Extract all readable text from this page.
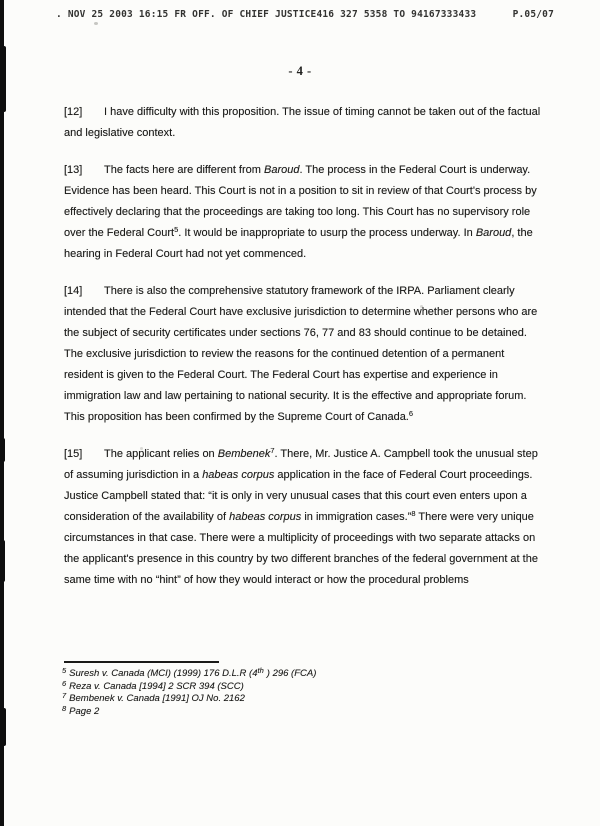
. NOV 25 2003 16:15 FR OFF. OF CHIEF JUSTICE416 327 5358 TO 94167333433	P.05/07
- 4 -
[12] I have difficulty with this proposition. The issue of timing cannot be taken out of the factual and legislative context.
[13] The facts here are different from Baroud. The process in the Federal Court is underway. Evidence has been heard. This Court is not in a position to sit in review of that Court's process by effectively declaring that the proceedings are taking too long. This Court has no supervisory role over the Federal Court$^5$. It would be inappropriate to usurp the process underway. In Baroud, the hearing in Federal Court had not yet commenced.
[14] There is also the comprehensive statutory framework of the IRPA. Parliament clearly intended that the Federal Court have exclusive jurisdiction to determine whether persons who are the subject of security certificates under sections 76, 77 and 83 should continue to be detained. The exclusive jurisdiction to review the reasons for the continued detention of a permanent resident is given to the Federal Court. The Federal Court has expertise and experience in immigration law and law pertaining to national security. It is the effective and appropriate forum. This proposition has been confirmed by the Supreme Court of Canada.$^6$
[15] The applicant relies on Bembenek$^7$. There, Mr. Justice A. Campbell took the unusual step of assuming jurisdiction in a habeas corpus application in the face of Federal Court proceedings. Justice Campbell stated that: “it is only in very unusual cases that this court even enters upon a consideration of the availability of habeas corpus in immigration cases.”$^8$ There were very unique circumstances in that case. There were a multiplicity of proceedings with two separate attacks on the applicant's presence in this country by two different branches of the federal government at the same time with no “hint” of how they would interact or how the procedural problems
$^5$ Suresh v. Canada (MCI) (1999) 176 D.L.R (4th ) 296 (FCA)
$^6$ Reza v. Canada [1994] 2 SCR 394 (SCC)
$^7$ Bembenek v. Canada [1991] OJ No. 2162
$^8$ Page 2
